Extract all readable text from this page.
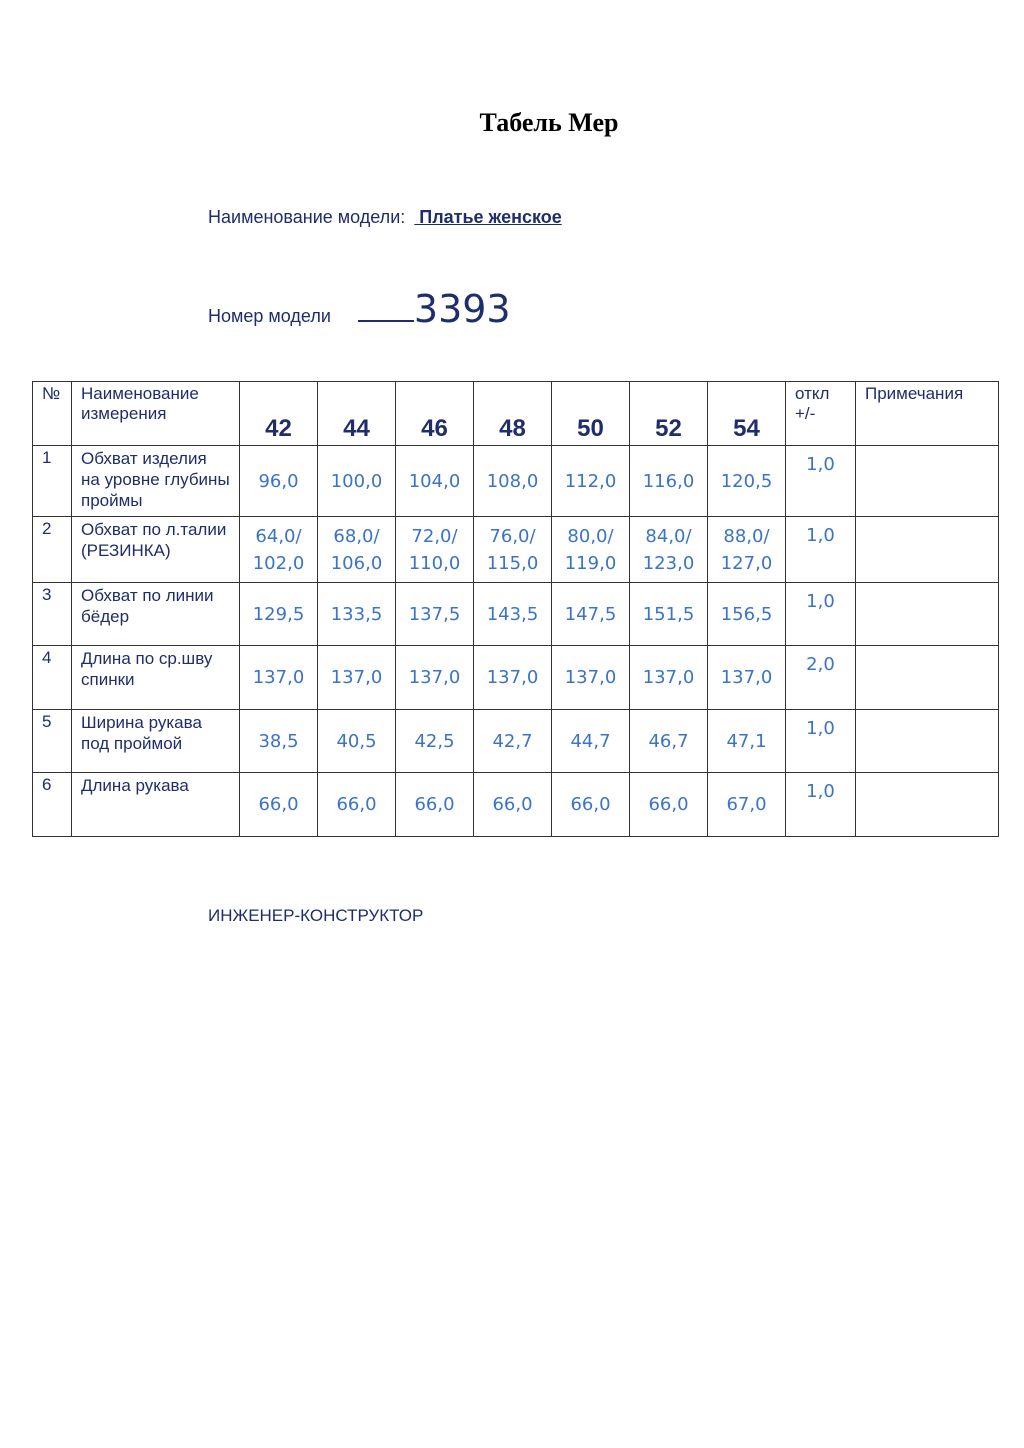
Табель Мер
Наименование модели:  Платье женское
Номер модели 3393
№	Наименование измерения	42	44	46	48	50	52	54	откл +/-	Примечания
1	Обхват изделия на уровне глубины проймы	96,0	100,0	104,0	108,0	112,0	116,0	120,5	1,0	
2	Обхват по л.талии (РЕЗИНКА)	64,0/ 102,0	68,0/ 106,0	72,0/ 110,0	76,0/ 115,0	80,0/ 119,0	84,0/ 123,0	88,0/ 127,0	1,0	
3	Обхват по линии бёдер	129,5	133,5	137,5	143,5	147,5	151,5	156,5	1,0	
4	Длина по ср.шву спинки	137,0	137,0	137,0	137,0	137,0	137,0	137,0	2,0	
5	Ширина рукава под проймой	38,5	40,5	42,5	42,7	44,7	46,7	47,1	1,0	
6	Длина рукава	66,0	66,0	66,0	66,0	66,0	66,0	67,0	1,0	
ИНЖЕНЕР-КОНСТРУКТОР
